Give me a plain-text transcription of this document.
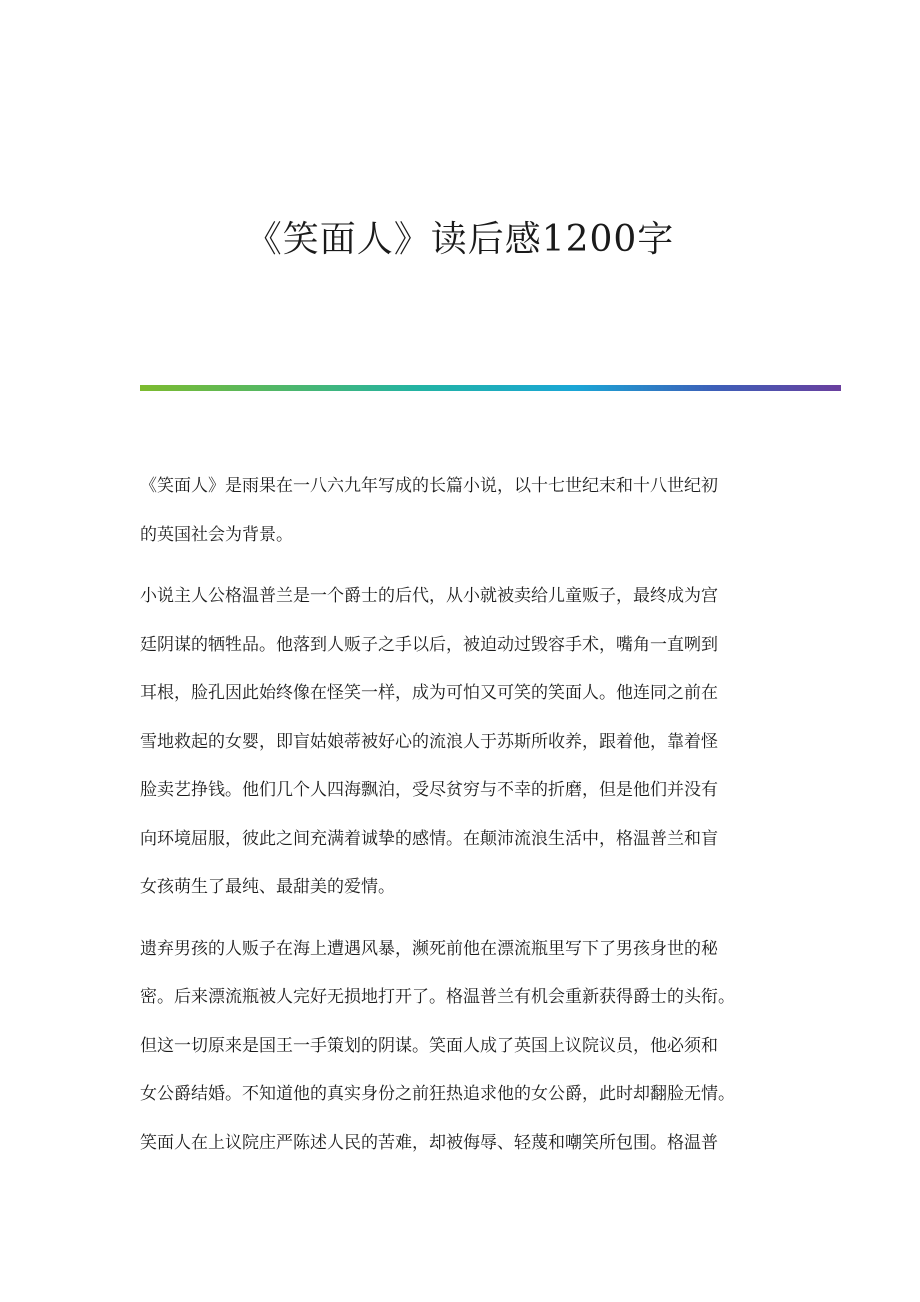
《笑面人》读后感1200字
《笑面人》是雨果在一八六九年写成的长篇小说，以十七世纪末和十八世纪初
的英国社会为背景。
小说主人公格温普兰是一个爵士的后代，从小就被卖给儿童贩子，最终成为宫
廷阴谋的牺牲品。他落到人贩子之手以后，被迫动过毁容手术，嘴角一直咧到
耳根，脸孔因此始终像在怪笑一样，成为可怕又可笑的笑面人。他连同之前在
雪地救起的女婴，即盲姑娘蒂被好心的流浪人于苏斯所收养，跟着他，靠着怪
脸卖艺挣钱。他们几个人四海飘泊，受尽贫穷与不幸的折磨，但是他们并没有
向环境屈服，彼此之间充满着诚挚的感情。在颠沛流浪生活中，格温普兰和盲
女孩萌生了最纯、最甜美的爱情。
遗弃男孩的人贩子在海上遭遇风暴，濒死前他在漂流瓶里写下了男孩身世的秘
密。后来漂流瓶被人完好无损地打开了。格温普兰有机会重新获得爵士的头衔。
但这一切原来是国王一手策划的阴谋。笑面人成了英国上议院议员，他必须和
女公爵结婚。不知道他的真实身份之前狂热追求他的女公爵，此时却翻脸无情。
笑面人在上议院庄严陈述人民的苦难，却被侮辱、轻蔑和嘲笑所包围。格温普
